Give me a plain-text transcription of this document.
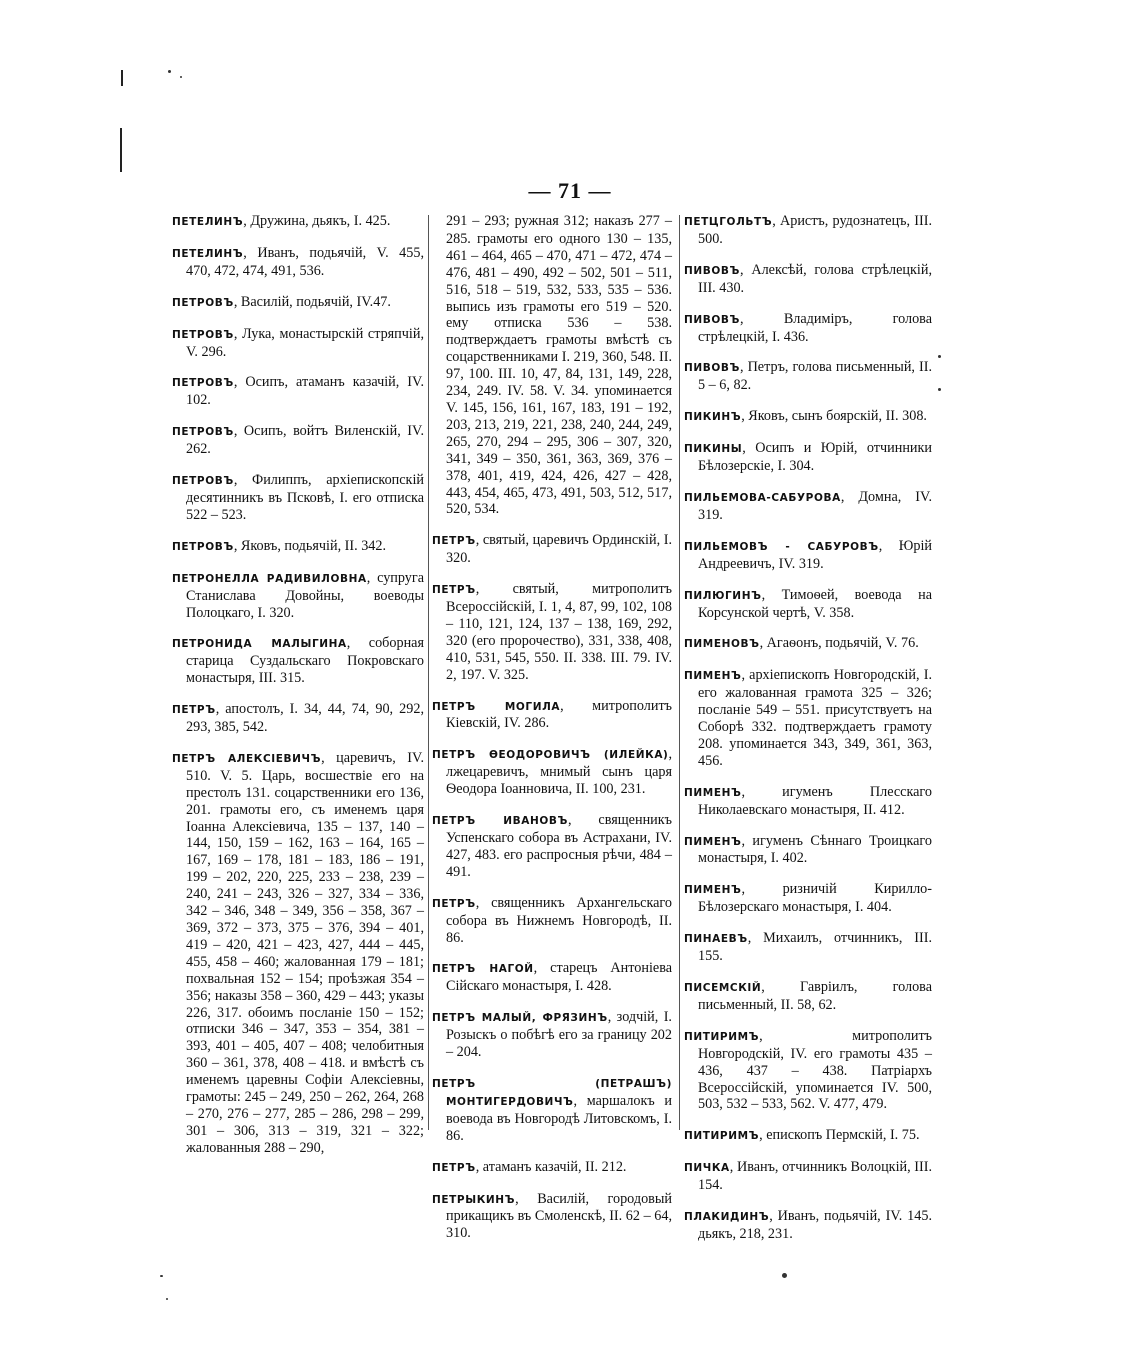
— 71 —
ПЕТЕЛИНЪ, Дружина, дьякъ, I. 425.
ПЕТЕЛИНЪ, Иванъ, подьячій, V. 455, 470, 472, 474, 491, 536.
ПЕТРОВЪ, Василій, подьячій, IV.47.
ПЕТРОВЪ, Лука, монастырскій стряпчій, V. 296.
ПЕТРОВЪ, Осипъ, атаманъ казачій, IV. 102.
ПЕТРОВЪ, Осипъ, войтъ Виленскій, IV. 262.
ПЕТРОВЪ, Филиппъ, архіепископскій десятинникъ въ Псковѣ, I. его отписка 522 – 523.
ПЕТРОВЪ, Яковъ, подьячій, II. 342.
ПЕТРОНЕЛЛА РАДИВИЛОВНА, супруга Станислава Довойны, воеводы Полоцкаго, I. 320.
ПЕТРОНИДА МАЛЫГИНА, соборная старица Суздальскаго Покровскаго монастыря, III. 315.
ПЕТРЪ, апостолъ, I. 34, 44, 74, 90, 292, 293, 385, 542.
ПЕТРЪ АЛЕКСІЕВИЧЪ, царевичъ, IV. 510. V. 5. Царь, восшествіе его на престолъ 131. соцарственники его 136, 201. грамоты его, съ именемъ царя Іоанна Алексіевича, 135 – 137, 140 – 144, 150, 159 – 162, 163 – 164, 165 – 167, 169 – 178, 181 – 183, 186 – 191, 199 – 202, 220, 225, 233 – 238, 239 – 240, 241 – 243, 326 – 327, 334 – 336, 342 – 346, 348 – 349, 356 – 358, 367 – 369, 372 – 373, 375 – 376, 394 – 401, 419 – 420, 421 – 423, 427, 444 – 445, 455, 458 – 460; жалованная 179 – 181; похвальная 152 – 154; проѣзжая 354 – 356; наказы 358 – 360, 429 – 443; указы 226, 317. обоимъ посланіе 150 – 152; отписки 346 – 347, 353 – 354, 381 – 393, 401 – 405, 407 – 408; челобитныя 360 – 361, 378, 408 – 418. и вмѣстѣ съ именемъ царевны Софіи Алексіевны, грамоты: 245 – 249, 250 – 262, 264, 268 – 270, 276 – 277, 285 – 286, 298 – 299, 301 – 306, 313 – 319, 321 – 322; жалованныя 288 – 290,
291 – 293; ружная 312; наказъ 277 – 285. грамоты его одного 130 – 135, 461 – 464, 465 – 470, 471 – 472, 474 – 476, 481 – 490, 492 – 502, 501 – 511, 516, 518 – 519, 532, 533, 535 – 536. выпись изъ грамоты его 519 – 520. ему отписка 536 – 538. подтверждаетъ грамоты вмѣстѣ съ соцарственниками I. 219, 360, 548. II. 97, 100. III. 10, 47, 84, 131, 149, 228, 234, 249. IV. 58. V. 34. упоминается V. 145, 156, 161, 167, 183, 191 – 192, 203, 213, 219, 221, 238, 240, 244, 249, 265, 270, 294 – 295, 306 – 307, 320, 341, 349 – 350, 361, 363, 369, 376 – 378, 401, 419, 424, 426, 427 – 428, 443, 454, 465, 473, 491, 503, 512, 517, 520, 534.
ПЕТРЪ, святый, царевичъ Ординскій, I. 320.
ПЕТРЪ, святый, митрополитъ Всероссійскій, I. 1, 4, 87, 99, 102, 108 – 110, 121, 124, 137 – 138, 169, 292, 320 (его пророчество), 331, 338, 408, 410, 531, 545, 550. II. 338. III. 79. IV. 2, 197. V. 325.
ПЕТРЪ МОГИЛА, митрополитъ Кіевскій, IV. 286.
ПЕТРЪ ѲЕОДОРОВИЧЪ (ИЛЕЙКА), лжецаревичъ, мнимый сынъ царя Ѳеодора Іоанновича, II. 100, 231.
ПЕТРЪ ИВАНОВЪ, священникъ Успенскаго собора въ Астрахани, IV. 427, 483. его распросныя рѣчи, 484 – 491.
ПЕТРЪ, священникъ Архангельскаго собора въ Нижнемъ Новгородѣ, II. 86.
ПЕТРЪ НАГОЙ, старецъ Антоніева Сійскаго монастыря, I. 428.
ПЕТРЪ МАЛЫЙ, ФРЯЗИНЪ, зодчій, I. Розыскъ о побѣгѣ его за границу 202 – 204.
ПЕТРЪ (ПЕТРАШЪ) МОНТИГЕРДОВИЧЪ, маршалокъ и воевода въ Новгородѣ Литовскомъ, I. 86.
ПЕТРЪ, атаманъ казачій, II. 212.
ПЕТРЫКИНЪ, Василій, городовый прикащикъ въ Смоленскѣ, II. 62 – 64, 310.
ПЕТЦГОЛЬТЪ, Аристъ, рудознатецъ, III. 500.
ПИВОВЪ, Алексѣй, голова стрѣлецкій, III. 430.
ПИВОВЪ, Владиміръ, голова стрѣлецкій, I. 436.
ПИВОВЪ, Петръ, голова письменный, II. 5 – 6, 82.
ПИКИНЪ, Яковъ, сынъ боярскій, II. 308.
ПИКИНЫ, Осипъ и Юрій, отчинники Бѣлозерскіе, I. 304.
ПИЛЬЕМОВА-САБУРОВА, Домна, IV. 319.
ПИЛЬЕМОВЪ - САБУРОВЪ, Юрій Андреевичъ, IV. 319.
ПИЛЮГИНЪ, Тимоѳей, воевода на Корсунской чертѣ, V. 358.
ПИМЕНОВЪ, Агаѳонъ, подьячій, V. 76.
ПИМЕНЪ, архіепископъ Новгородскій, I. его жалованная грамота 325 – 326; посланіе 549 – 551. присутствуетъ на Соборѣ 332. подтверждаетъ грамоту 208. упоминается 343, 349, 361, 363, 456.
ПИМЕНЪ, игуменъ Плесскаго Николаевскаго монастыря, II. 412.
ПИМЕНЪ, игуменъ Сѣннаго Троицкаго монастыря, I. 402.
ПИМЕНЪ, ризничій Кирилло-Бѣлозерскаго монастыря, I. 404.
ПИНАЕВЪ, Михаилъ, отчинникъ, III. 155.
ПИСЕМСКІЙ, Гавріилъ, голова письменный, II. 58, 62.
ПИТИРИМЪ, митрополитъ Новгородскій, IV. его грамоты 435 – 436, 437 – 438. Патріархъ Всероссійскій, упоминается IV. 500, 503, 532 – 533, 562. V. 477, 479.
ПИТИРИМЪ, епископъ Пермскій, I. 75.
ПИЧКА, Иванъ, отчинникъ Волоцкій, III. 154.
ПЛАКИДИНЪ, Иванъ, подьячій, IV. 145. дьякъ, 218, 231.
